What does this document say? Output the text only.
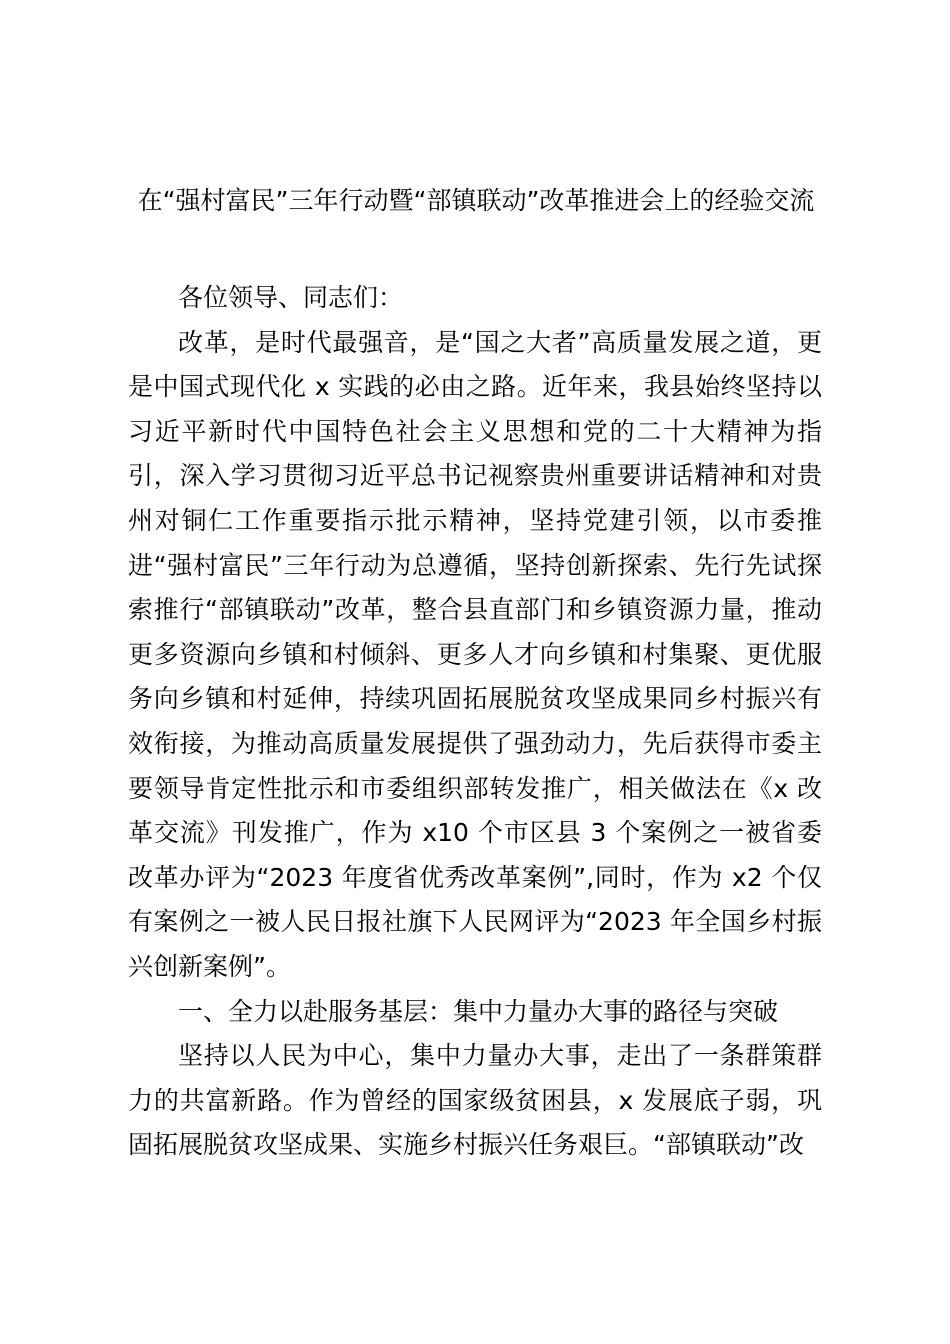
在“强村富民”三年行动暨“部镇联动”改革推进会上的经验交流

各位领导、同志们：

改革，是时代最强音，是“国之大者”高质量发展之道，更是中国式现代化 x 实践的必由之路。近年来，我县始终坚持以习近平新时代中国特色社会主义思想和党的二十大精神为指引，深入学习贯彻习近平总书记视察贵州重要讲话精神和对贵州对铜仁工作重要指示批示精神，坚持党建引领，以市委推进“强村富民”三年行动为总遵循，坚持创新探索、先行先试探索推行“部镇联动”改革，整合县直部门和乡镇资源力量，推动更多资源向乡镇和村倾斜、更多人才向乡镇和村集聚、更优服务向乡镇和村延伸，持续巩固拓展脱贫攻坚成果同乡村振兴有效衔接，为推动高质量发展提供了强劲动力，先后获得市委主要领导肯定性批示和市委组织部转发推广，相关做法在《x 改革交流》刊发推广，作为 x10 个市区县 3 个案例之一被省委改革办评为“2023 年度省优秀改革案例”,同时，作为 x2 个仅有案例之一被人民日报社旗下人民网评为“2023 年全国乡村振兴创新案例”。

一、全力以赴服务基层：集中力量办大事的路径与突破

坚持以人民为中心，集中力量办大事，走出了一条群策群力的共富新路。作为曾经的国家级贫困县，x 发展底子弱，巩固拓展脱贫攻坚成果、实施乡村振兴任务艰巨。“部镇联动”改
